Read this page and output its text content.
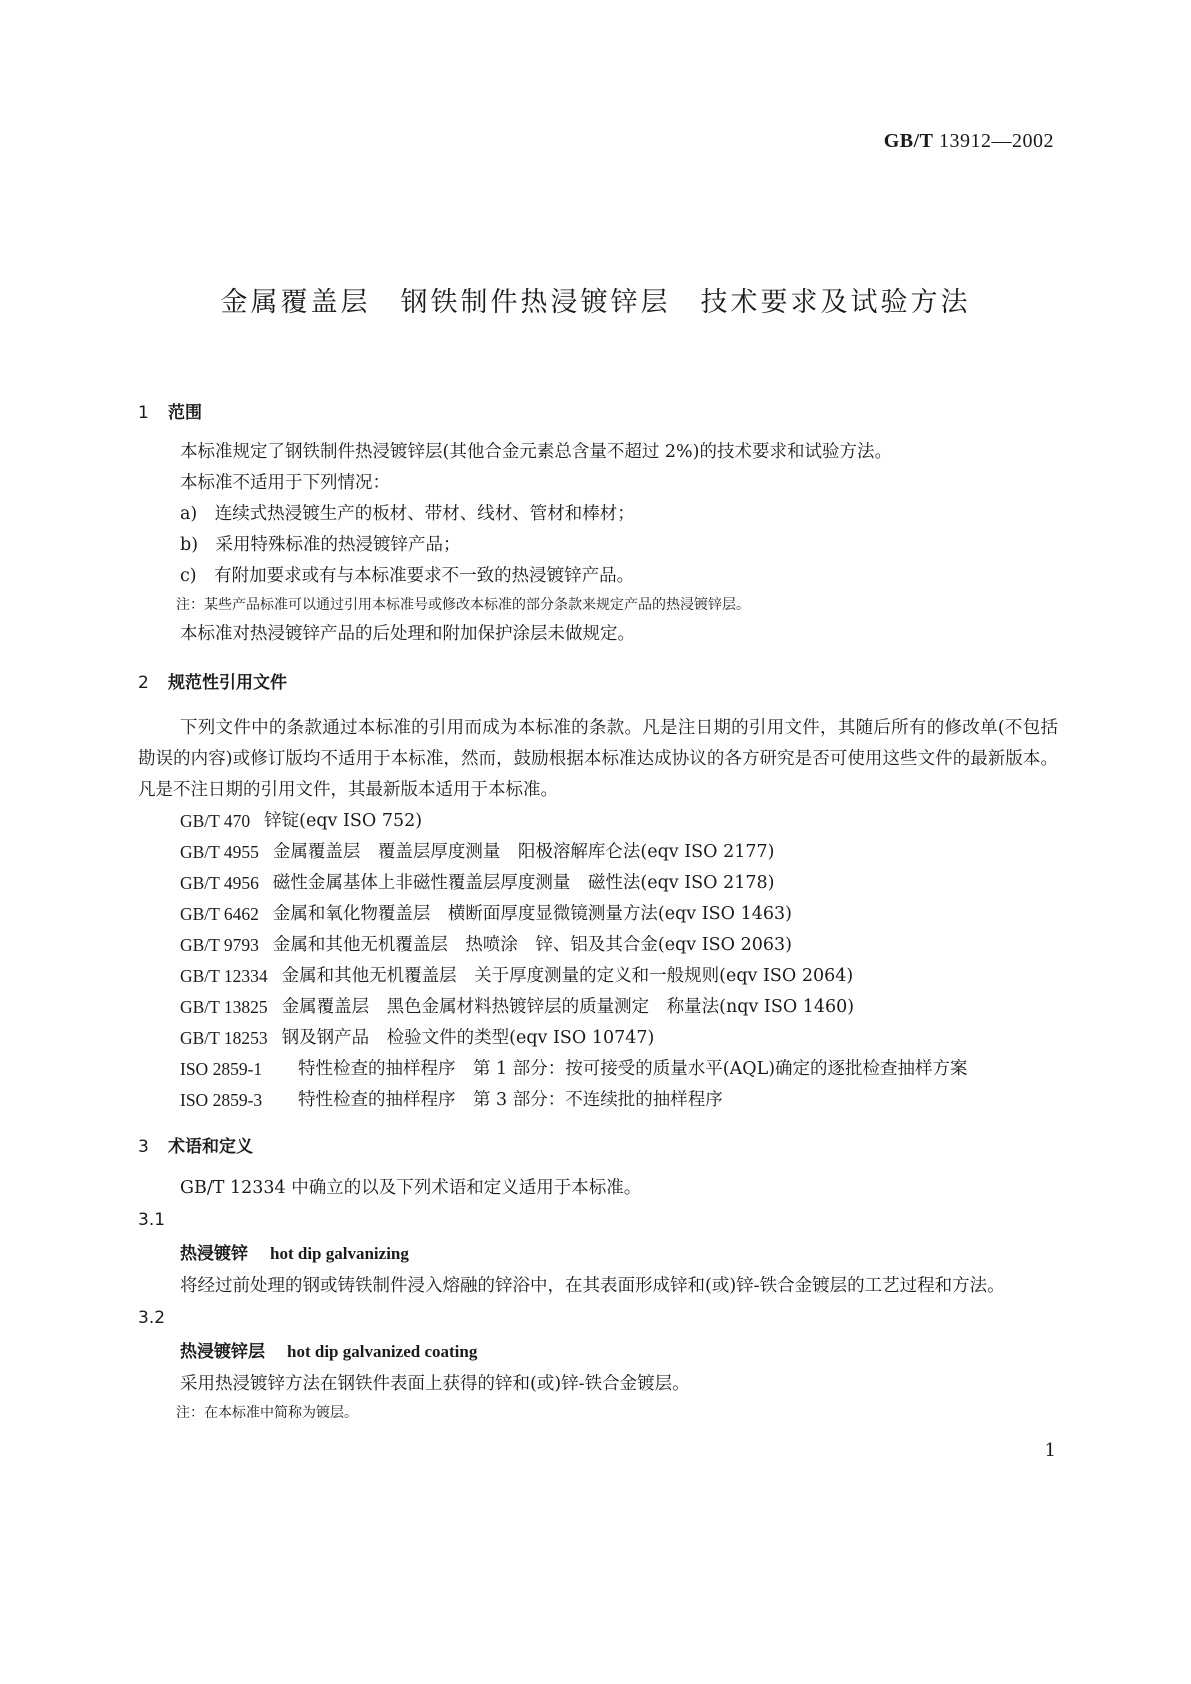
GB/T 13912—2002
金属覆盖层　钢铁制件热浸镀锌层　技术要求及试验方法

1 范围

本标准规定了钢铁制件热浸镀锌层(其他合金元素总含量不超过 2%)的技术要求和试验方法。

本标准不适用于下列情况：

a)　连续式热浸镀生产的板材、带材、线材、管材和棒材；

b)　采用特殊标准的热浸镀锌产品；

c)　有附加要求或有与本标准要求不一致的热浸镀锌产品。

注：某些产品标准可以通过引用本标准号或修改本标准的部分条款来规定产品的热浸镀锌层。

本标准对热浸镀锌产品的后处理和附加保护涂层未做规定。

2 规范性引用文件

下列文件中的条款通过本标准的引用而成为本标准的条款。凡是注日期的引用文件，其随后所有的修改单(不包括勘误的内容)或修订版均不适用于本标准，然而，鼓励根据本标准达成协议的各方研究是否可使用这些文件的最新版本。凡是不注日期的引用文件，其最新版本适用于本标准。

GB/T 470 锌锭(eqv ISO 752)
GB/T 4955 金属覆盖层　覆盖层厚度测量　阳极溶解库仑法(eqv ISO 2177)
GB/T 4956 磁性金属基体上非磁性覆盖层厚度测量　磁性法(eqv ISO 2178)
GB/T 6462 金属和氧化物覆盖层　横断面厚度显微镜测量方法(eqv ISO 1463)
GB/T 9793 金属和其他无机覆盖层　热喷涂　锌、铝及其合金(eqv ISO 2063)
GB/T 12334 金属和其他无机覆盖层　关于厚度测量的定义和一般规则(eqv ISO 2064)
GB/T 13825 金属覆盖层　黑色金属材料热镀锌层的质量测定　称量法(nqv ISO 1460)
GB/T 18253 钢及钢产品　检验文件的类型(eqv ISO 10747)
ISO 2859-1	特性检查的抽样程序　第 1 部分：按可接受的质量水平(AQL)确定的逐批检查抽样方案
ISO 2859-3	特性检查的抽样程序　第 3 部分：不连续批的抽样程序

3 术语和定义

GB/T 12334 中确立的以及下列术语和定义适用于本标准。

3.1

热浸镀锌 hot dip galvanizing

将经过前处理的钢或铸铁制件浸入熔融的锌浴中，在其表面形成锌和(或)锌-铁合金镀层的工艺过程和方法。

3.2

热浸镀锌层 hot dip galvanized coating

采用热浸镀锌方法在钢铁件表面上获得的锌和(或)锌-铁合金镀层。

注：在本标准中简称为镀层。

1
